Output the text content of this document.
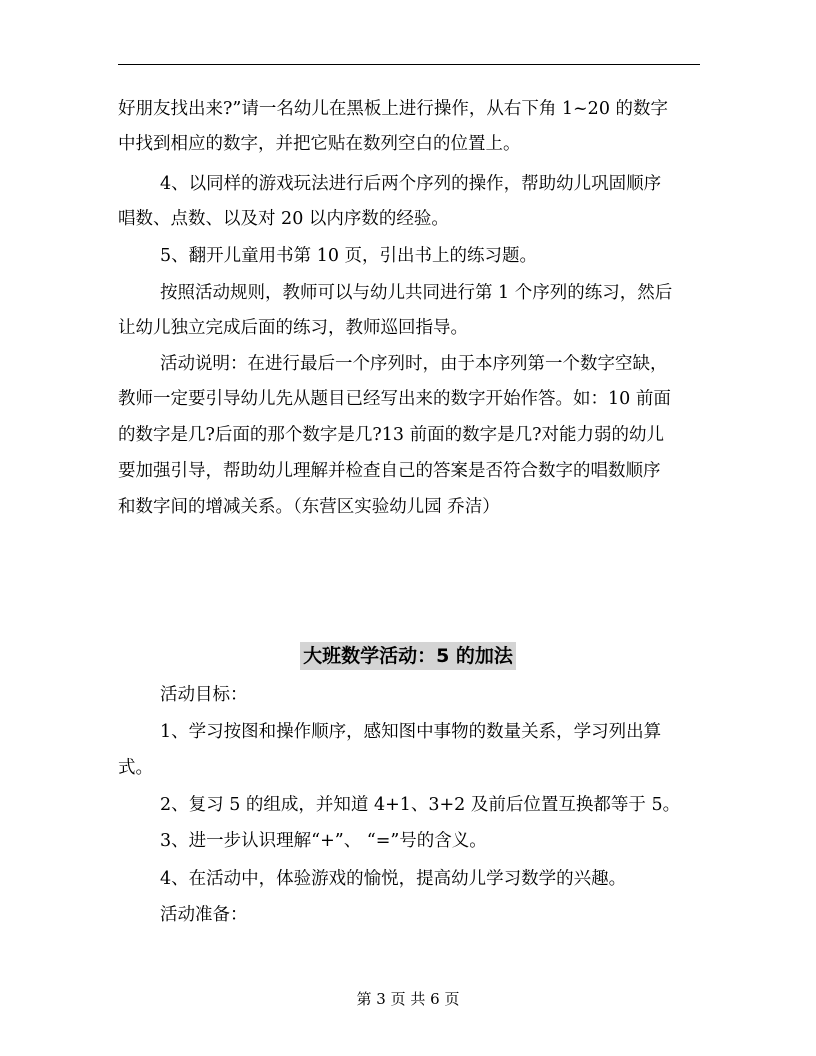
好朋友找出来?”请一名幼儿在黑板上进行操作，从右下角 1~20 的数字
中找到相应的数字，并把它贴在数列空白的位置上。
4、以同样的游戏玩法进行后两个序列的操作，帮助幼儿巩固顺序
唱数、点数、以及对 20 以内序数的经验。
5、翻开儿童用书第 10 页，引出书上的练习题。
按照活动规则，教师可以与幼儿共同进行第 1 个序列的练习，然后
让幼儿独立完成后面的练习，教师巡回指导。
活动说明：在进行最后一个序列时，由于本序列第一个数字空缺，
教师一定要引导幼儿先从题目已经写出来的数字开始作答。如：10 前面
的数字是几?后面的那个数字是几?13 前面的数字是几?对能力弱的幼儿
要加强引导，帮助幼儿理解并检查自己的答案是否符合数字的唱数顺序
和数字间的增减关系。（东营区实验幼儿园 乔洁）
大班数学活动：5 的加法
活动目标：
1、学习按图和操作顺序，感知图中事物的数量关系，学习列出算
式。
2、复习 5 的组成，并知道 4+1、3+2 及前后位置互换都等于 5。
3、进一步认识理解“+”、 “=”号的含义。
4、在活动中，体验游戏的愉悦，提高幼儿学习数学的兴趣。
活动准备：
第 3 页 共 6 页
